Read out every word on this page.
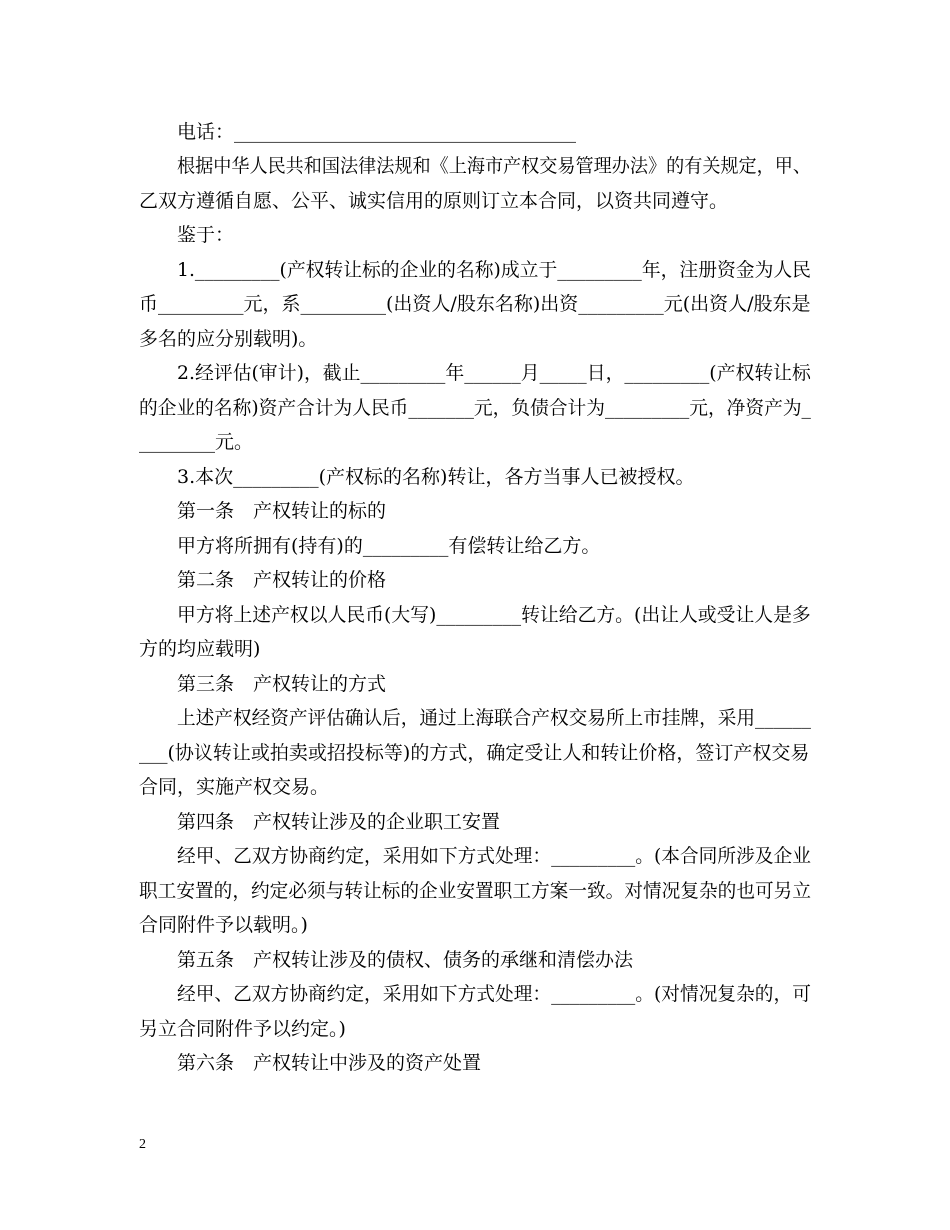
电话：____________________________________
根据中华人民共和国法律法规和《上海市产权交易管理办法》的有关规定，甲、
乙双方遵循自愿、公平、诚实信用的原则订立本合同，以资共同遵守。
鉴于：
1._________(产权转让标的企业的名称)成立于_________年，注册资金为人民
币_________元，系_________(出资人/股东名称)出资_________元(出资人/股东是
多名的应分别载明)。
2.经评估(审计)，截止_________年______月_____日，_________(产权转让标
的企业的名称)资产合计为人民币_______元，负债合计为_________元，净资产为_
________元。
3.本次_________(产权标的名称)转让，各方当事人已被授权。
第一条　产权转让的标的
甲方将所拥有(持有)的_________有偿转让给乙方。
第二条　产权转让的价格
甲方将上述产权以人民币(大写)_________转让给乙方。(出让人或受让人是多
方的均应载明)
第三条　产权转让的方式
上述产权经资产评估确认后，通过上海联合产权交易所上市挂牌，采用______
___(协议转让或拍卖或招投标等)的方式，确定受让人和转让价格，签订产权交易
合同，实施产权交易。
第四条　产权转让涉及的企业职工安置
经甲、乙双方协商约定，采用如下方式处理：_________。(本合同所涉及企业
职工安置的，约定必须与转让标的企业安置职工方案一致。对情况复杂的也可另立
合同附件予以载明。)
第五条　产权转让涉及的债权、债务的承继和清偿办法
经甲、乙双方协商约定，采用如下方式处理：_________。(对情况复杂的，可
另立合同附件予以约定。)
第六条　产权转让中涉及的资产处置
2
